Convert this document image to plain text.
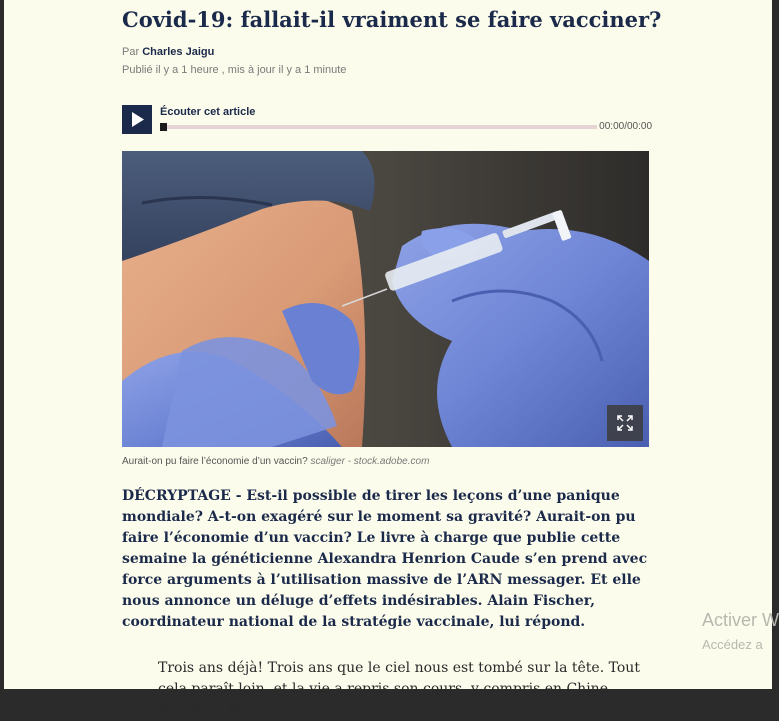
Covid-19: fallait-il vraiment se faire vacciner?
Par Charles Jaigu
Publié il y a 1 heure , mis à jour il y a 1 minute
Écouter cet article
00:00/00:00
Aurait-on pu faire l’économie d’un vaccin? scaliger - stock.adobe.com

DÉCRYPTAGE - Est-il possible de tirer les leçons d’une panique mondiale? A-t-on exagéré sur le moment sa gravité? Aurait-on pu faire l’économie d’un vaccin? Le livre à charge que publie cette semaine la généticienne Alexandra Henrion Caude s’en prend avec force arguments à l’utilisation massive de l’ARN messager. Et elle nous annonce un déluge d’effets indésirables. Alain Fischer, coordinateur national de la stratégie vaccinale, lui répond.

Trois ans déjà! Trois ans que le ciel nous est tombé sur la tête. Tout cela paraît loin, et la vie a repris son cours, y compris en Chine. Pourtant, le

Activer W
Accédez a
